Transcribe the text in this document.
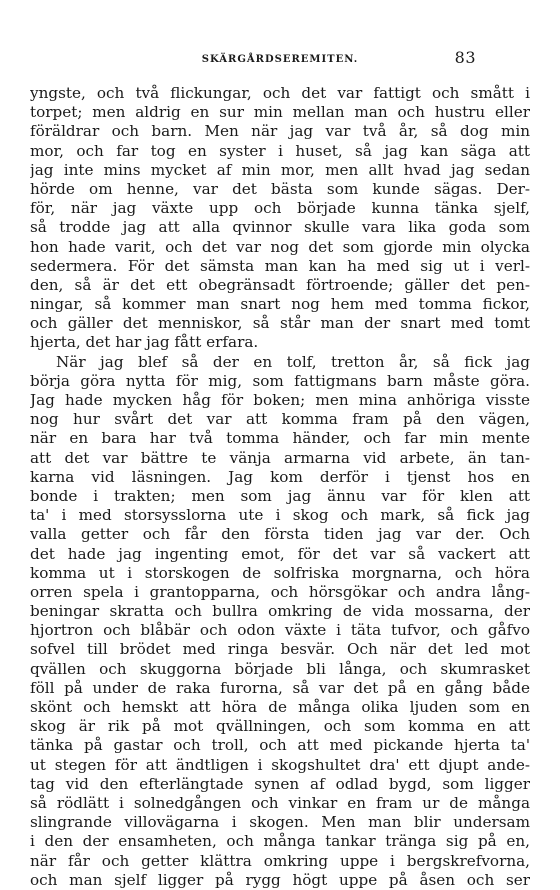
SKÄRGÅRDSEREMITEN.	83
yngste, och två flickungar, och det var fattigt och smått i
torpet; men aldrig en sur min mellan man och hustru eller
föräldrar och barn. Men när jag var två år, så dog min
mor, och far tog en syster i huset, så jag kan säga att
jag inte mins mycket af min mor, men allt hvad jag sedan
hörde om henne, var det bästa som kunde sägas. Der-
för, när jag växte upp och började kunna tänka sjelf,
så trodde jag att alla qvinnor skulle vara lika goda som
hon hade varit, och det var nog det som gjorde min olycka
sedermera. För det sämsta man kan ha med sig ut i verl-
den, så är det ett obegränsadt förtroende; gäller det pen-
ningar, så kommer man snart nog hem med tomma fickor,
och gäller det menniskor, så står man der snart med tomt
hjerta, det har jag fått erfara.
När jag blef så der en tolf, tretton år, så fick jag
börja göra nytta för mig, som fattigmans barn måste göra.
Jag hade mycken håg för boken; men mina anhöriga visste
nog hur svårt det var att komma fram på den vägen,
när en bara har två tomma händer, och far min mente
att det var bättre te vänja armarna vid arbete, än tan-
karna vid läsningen. Jag kom derför i tjenst hos en
bonde i trakten; men som jag ännu var för klen att
ta' i med storsysslorna ute i skog och mark, så fick jag
valla getter och får den första tiden jag var der. Och
det hade jag ingenting emot, för det var så vackert att
komma ut i storskogen de solfriska morgnarna, och höra
orren spela i grantopparna, och hörsgökar och andra lång-
beningar skratta och bullra omkring de vida mossarna, der
hjortron och blåbär och odon växte i täta tufvor, och gåfvo
sofvel till brödet med ringa besvär. Och när det led mot
qvällen och skuggorna började bli långa, och skumrasket
föll på under de raka furorna, så var det på en gång både
skönt och hemskt att höra de många olika ljuden som en
skog är rik på mot qvällningen, och som komma en att
tänka på gastar och troll, och att med pickande hjerta ta'
ut stegen för att ändtligen i skogshultet dra' ett djupt ande-
tag vid den efterlängtade synen af odlad bygd, som ligger
så rödlätt i solnedgången och vinkar en fram ur de många
slingrande villovägarna i skogen. Men man blir undersam
i den der ensamheten, och många tankar tränga sig på en,
när får och getter klättra omkring uppe i bergskrefvorna,
och man sjelf ligger på rygg högt uppe på åsen och ser
